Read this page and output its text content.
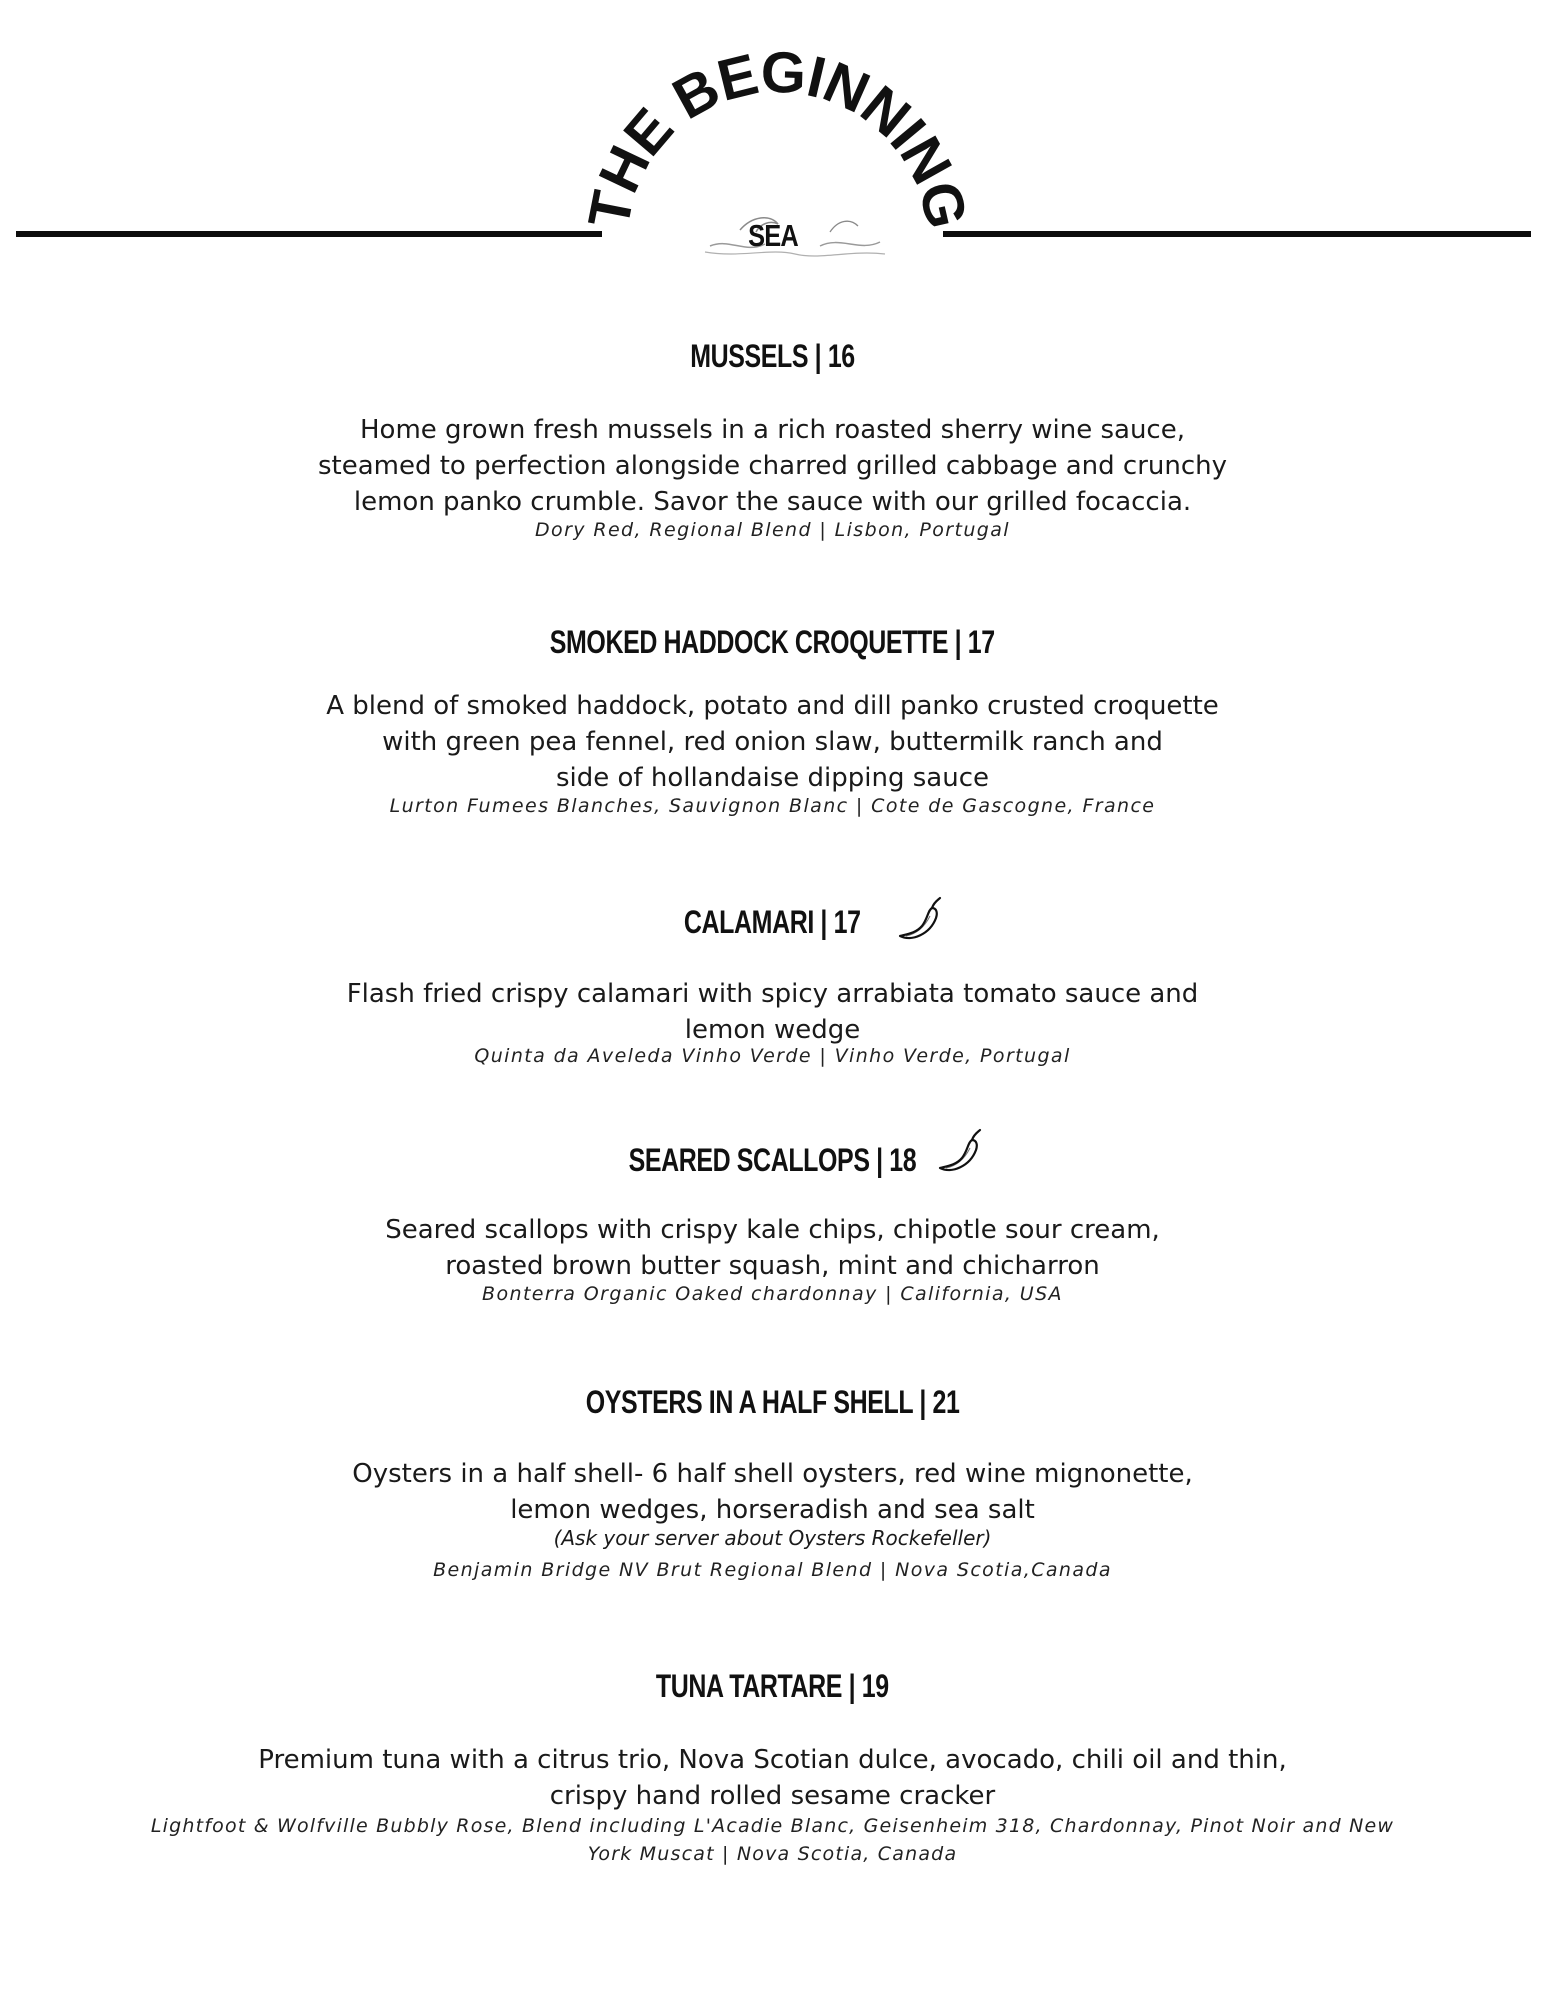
THE BEGINNING
SEA
MUSSELS | 16
Home grown fresh mussels in a rich roasted sherry wine sauce,
steamed to perfection alongside charred grilled cabbage and crunchy
lemon panko crumble. Savor the sauce with our grilled focaccia.
Dory Red, Regional Blend | Lisbon, Portugal
SMOKED HADDOCK CROQUETTE | 17
A blend of smoked haddock, potato and dill panko crusted croquette
with green pea fennel, red onion slaw, buttermilk ranch and
side of hollandaise dipping sauce
Lurton Fumees Blanches, Sauvignon Blanc | Cote de Gascogne, France
CALAMARI | 17
Flash fried crispy calamari with spicy arrabiata tomato sauce and
lemon wedge
Quinta da Aveleda Vinho Verde | Vinho Verde, Portugal
SEARED SCALLOPS | 18
Seared scallops with crispy kale chips, chipotle sour cream,
roasted brown butter squash, mint and chicharron
Bonterra Organic Oaked chardonnay | California, USA
OYSTERS IN A HALF SHELL | 21
Oysters in a half shell- 6 half shell oysters, red wine mignonette,
lemon wedges, horseradish and sea salt
(Ask your server about Oysters Rockefeller)
Benjamin Bridge NV Brut Regional Blend | Nova Scotia,Canada
TUNA TARTARE | 19
Premium tuna with a citrus trio, Nova Scotian dulce, avocado, chili oil and thin,
crispy hand rolled sesame cracker
Lightfoot & Wolfville Bubbly Rose, Blend including L'Acadie Blanc, Geisenheim 318, Chardonnay, Pinot Noir and New
York Muscat | Nova Scotia, Canada
